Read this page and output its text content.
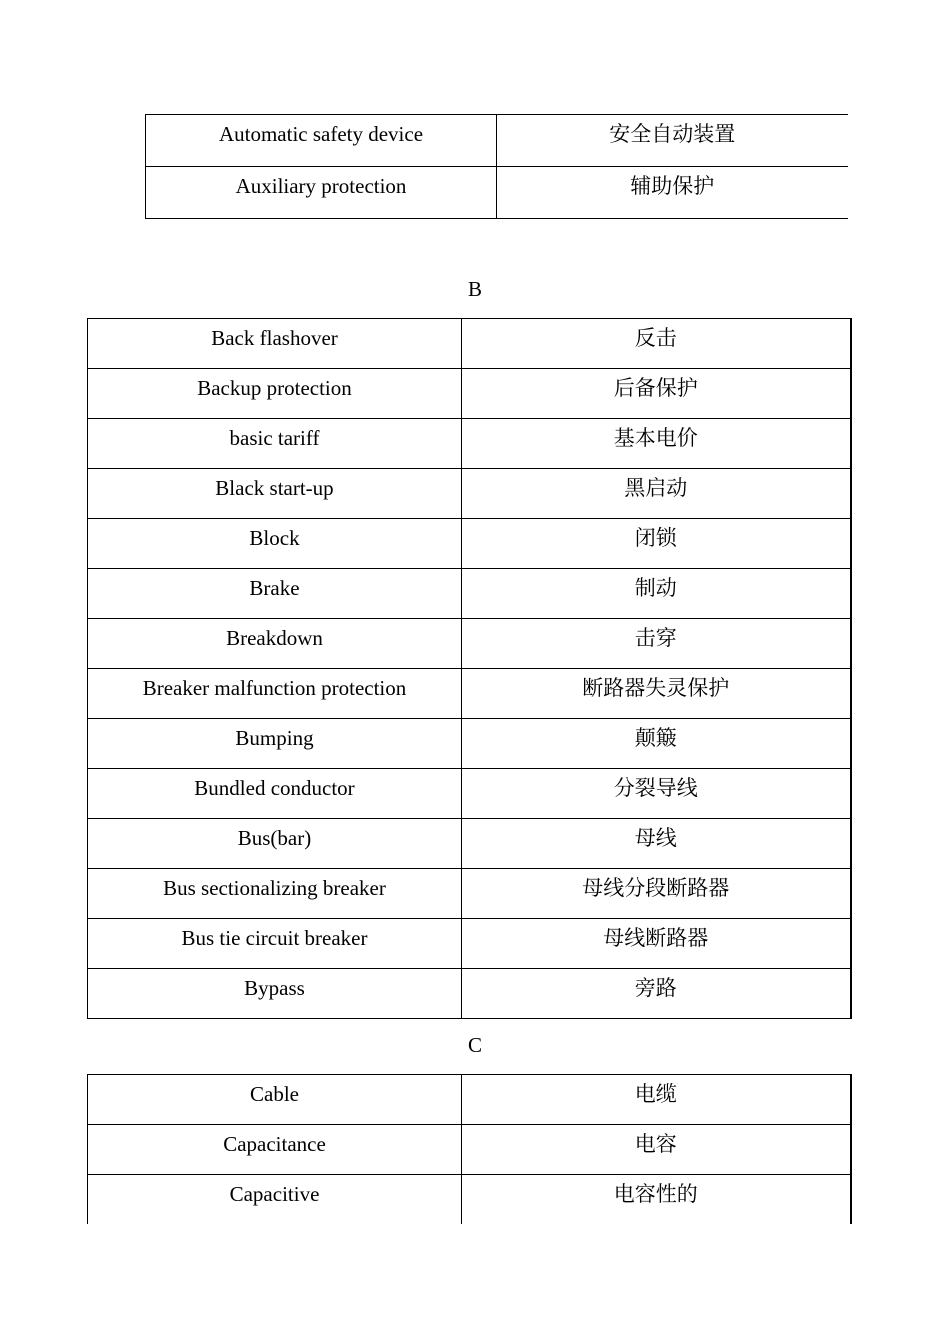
Automatic safety device	安全自动装置

Auxiliary protection	辅助保护
B
Back flashover	反击

Backup protection	后备保护

basic tariff	基本电价

Black start-up	黑启动

Block	闭锁

Brake	制动

Breakdown	击穿

Breaker malfunction protection	断路器失灵保护

Bumping	颠簸

Bundled conductor	分裂导线

Bus(bar)	母线

Bus sectionalizing breaker	母线分段断路器

Bus tie circuit breaker	母线断路器

Bypass	旁路
C
Cable	电缆

Capacitance	电容

Capacitive	电容性的
